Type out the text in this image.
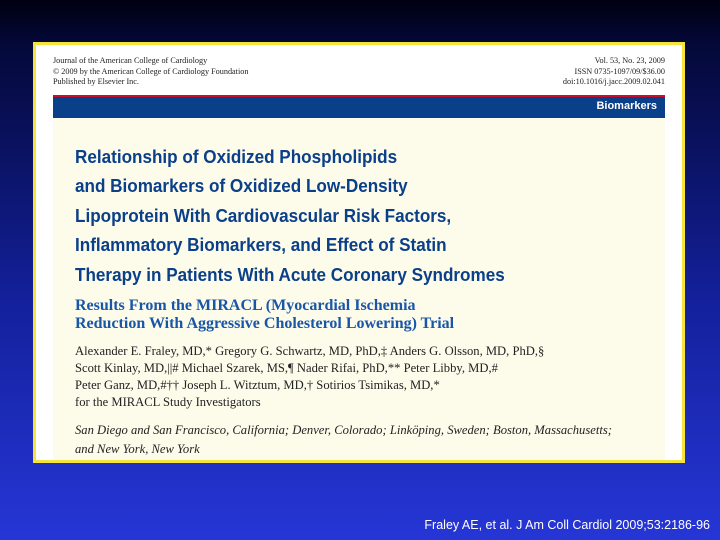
Journal of the American College of Cardiology
© 2009 by the American College of Cardiology Foundation
Published by Elsevier Inc.
Vol. 53, No. 23, 2009
ISSN 0735-1097/09/$36.00
doi:10.1016/j.jacc.2009.02.041
Biomarkers
Relationship of Oxidized Phospholipids
and Biomarkers of Oxidized Low-Density
Lipoprotein With Cardiovascular Risk Factors,
Inflammatory Biomarkers, and Effect of Statin
Therapy in Patients With Acute Coronary Syndromes
Results From the MIRACL (Myocardial Ischemia
Reduction With Aggressive Cholesterol Lowering) Trial
Alexander E. Fraley, MD,* Gregory G. Schwartz, MD, PhD,‡ Anders G. Olsson, MD, PhD,§
Scott Kinlay, MD,||# Michael Szarek, MS,¶ Nader Rifai, PhD,** Peter Libby, MD,#
Peter Ganz, MD,#†† Joseph L. Witztum, MD,† Sotirios Tsimikas, MD,*
for the MIRACL Study Investigators
San Diego and San Francisco, California; Denver, Colorado; Linköping, Sweden; Boston, Massachusetts;
and New York, New York
Fraley AE, et al. J Am Coll Cardiol 2009;53:2186-96
